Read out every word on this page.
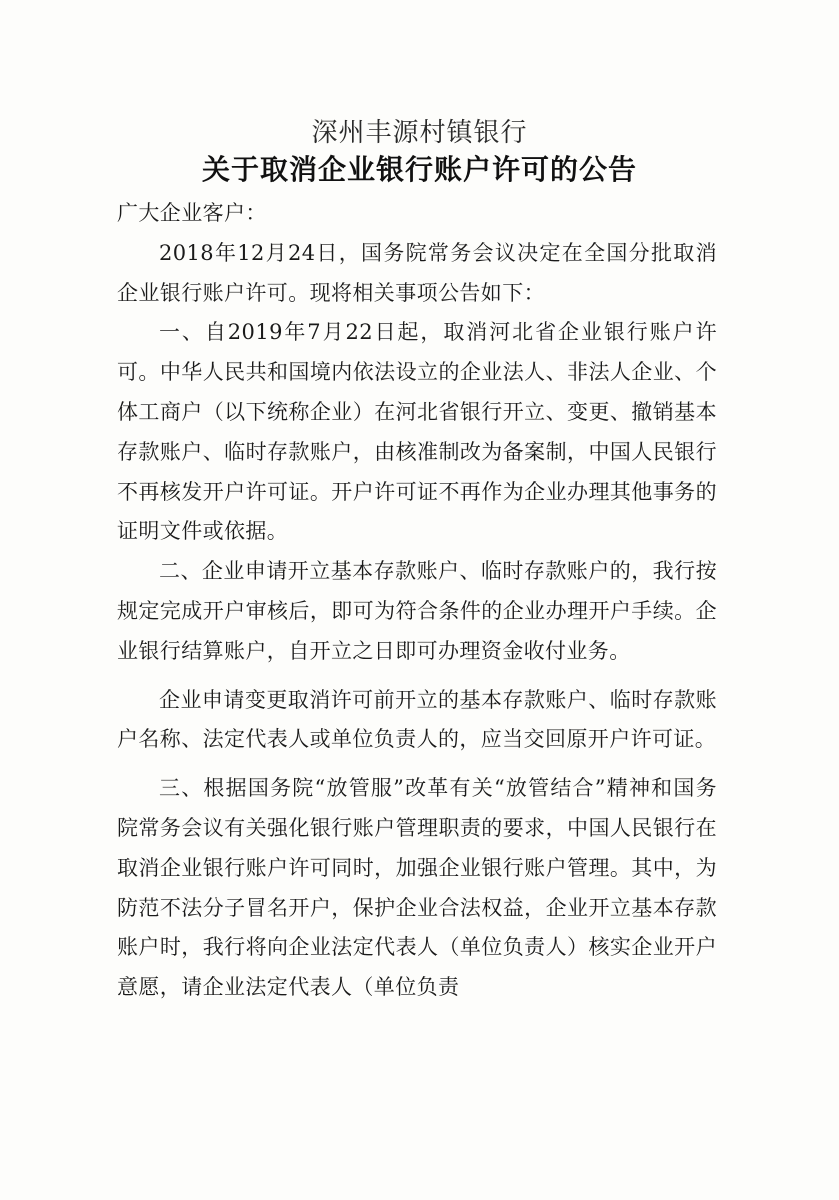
深州丰源村镇银行
关于取消企业银行账户许可的公告

广大企业客户：

2018年12月24日，国务院常务会议决定在全国分批取消企业银行账户许可。现将相关事项公告如下：

一、自2019年7月22日起，取消河北省企业银行账户许可。中华人民共和国境内依法设立的企业法人、非法人企业、个体工商户（以下统称企业）在河北省银行开立、变更、撤销基本存款账户、临时存款账户，由核准制改为备案制，中国人民银行不再核发开户许可证。开户许可证不再作为企业办理其他事务的证明文件或依据。

二、企业申请开立基本存款账户、临时存款账户的，我行按规定完成开户审核后，即可为符合条件的企业办理开户手续。企业银行结算账户，自开立之日即可办理资金收付业务。

企业申请变更取消许可前开立的基本存款账户、临时存款账户名称、法定代表人或单位负责人的，应当交回原开户许可证。

三、根据国务院“放管服”改革有关“放管结合”精神和国务院常务会议有关强化银行账户管理职责的要求，中国人民银行在取消企业银行账户许可同时，加强企业银行账户管理。其中，为防范不法分子冒名开户，保护企业合法权益，企业开立基本存款账户时，我行将向企业法定代表人（单位负责人）核实企业开户意愿，请企业法定代表人（单位负责
